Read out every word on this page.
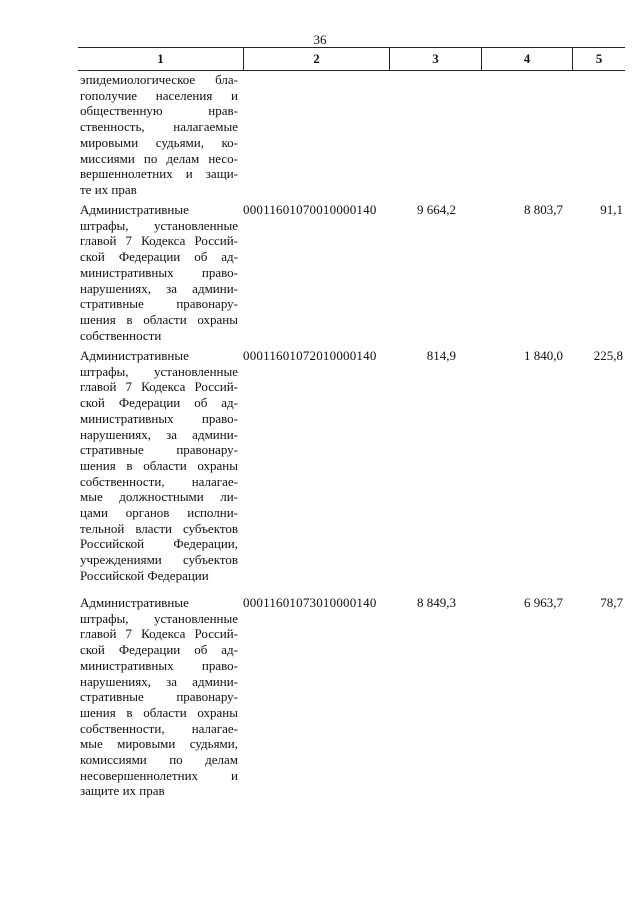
36
1	2	3	4	5
эпидемиологическое бла-
гополучие населения и
общественную нрав-
ственность, налагаемые
мировыми судьями, ко-
миссиями по делам несо-
вершеннолетних и защи-
те их прав
Административные
штрафы, установленные
главой 7 Кодекса Россий-
ской Федерации об ад-
министративных право-
нарушениях, за админи-
стративные правонару-
шения в области охраны
собственности
00011601070010000140	9 664,2	8 803,7	91,1
Административные
штрафы, установленные
главой 7 Кодекса Россий-
ской Федерации об ад-
министративных право-
нарушениях, за админи-
стративные правонару-
шения в области охраны
собственности, налагае-
мые должностными ли-
цами органов исполни-
тельной власти субъектов
Российской Федерации,
учреждениями субъектов
Российской Федерации
00011601072010000140	814,9	1 840,0	225,8
Административные
штрафы, установленные
главой 7 Кодекса Россий-
ской Федерации об ад-
министративных право-
нарушениях, за админи-
стративные правонару-
шения в области охраны
собственности, налагае-
мые мировыми судьями,
комиссиями по делам
несовершеннолетних и
защите их прав
00011601073010000140	8 849,3	6 963,7	78,7
